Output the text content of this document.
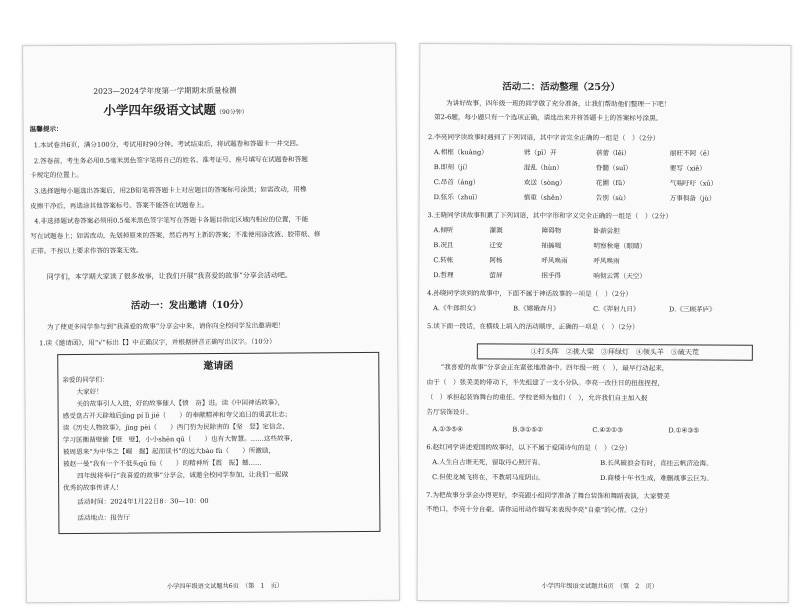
2023—2024学年度第一学期期末质量检测
小学四年级语文试题（90分钟）
温馨提示：
1.本试卷共6页，满分100分，考试用时90分钟。考试结束后，将试题卷和答题卡一并交回。
2.答卷前，考生务必用0.5毫米黑色签字笔将自己的姓名、准考证号、座号填写在试题卷和答题
卡规定的位置上。
3.选择题每小题选出答案后，用2B铅笔将答题卡上对应题目的答案标号涂黑；如需改动，用橡
皮擦干净后，再选涂其他答案标号。答案不能答在试题卷上。
4.非选择题试卷答案必须用0.5毫米黑色签字笔写在答题卡各题目指定区域内相应的位置，不能
写在试题卷上；如需改动，先划掉原来的答案，然后再写上新的答案；不准使用涂改液、胶带纸、修
正带。不按以上要求作答的答案无效。
同学们，本学期大家读了很多故事，让我们开展“我喜爱的故事”分享会活动吧。
活动一：发出邀请（10分）
为了使更多同学参与到“我喜爱的故事”分享会中来，请你向全校同学发出邀请吧！
1.读《邀请函》，用“√”标出【】中正确汉字，并根据拼音正确写出汉字。（10分）
邀请函
亲爱的同学们：
大家好！
关的故事引人入胜，好的故事催人【愤　奋】进。读《中国神话故事》，
感受盘古开天辟地后jīng pí lì jié（　　）的奉献精神和夸父追日的勇武壮志；
读《历史人物故事》，jìng pèi（　　）西门豹为民除害的【坚　竖】定信念，
学习匡衡凿壁偷【壁　壁】，小小shēn qū（　　）也有大智慧。……这些故事，
被周恩来“为中华之【崛　掘】起而读书”的远大bào fù（　　）所激励，
被赵一曼“我有一个不低头qū fú（　　）的精神所【震　振】撼……
四年级将举行“我喜爱的故事”分享会，诚邀全校同学参加，让我们一起做
优秀的故事传讲人！
活动时间：2024年1月22日8：30—10：00
活动地点：报告厅
小学四年级语文试题共6页　（第　1　页）
活动二：活动整理（25分）
为讲好故事，四年级一班的同学做了充分准备，让我们帮助他们整理一下吧！
第2-6题，每小题只有一个选项正确，请选出来并将答题卡上的答案标号涂黑。
2.李亮同学读故事时遇到了下列词语，其中字音完全正确的一组是（　）（2分）
A.相框（kuàng）	劈（pī）开	蓓蕾（lěi）	丽旺不阿（ē）
B.即刻（jí）	混乱（hùn）	脊髓（suǐ）	要写（xiě）
C.昂首（áng）	欢送（sòng）	花圃（fǔ）	气喘吁吁（xū）
D.弦乐（zhuī）	慎重（shěn）	告别（sù）	万事俱备（jù）
3.王晓同学读故事积累了下列词语，其中字形和字义完全正确的一组是（　）（2分）
A.倾听	灌溉	障碍物	卧薪尝胆
B.况且	迁安	抽搐啜	明察秋毫（眼睛）
C.转帐	阿杨	呼风唤雨	呼风唤雨
D.哲理	萤屏	抿手得	响彻云霄（天空）
4.孙晓同学读到的故事中，下面不属于神话故事的一项是（　）（2分）
A.《牛郎织女》	B.《嫦娥奔月》	C.《羿射九日》	D.《三顾茅庐》
5.读下面一段话，在横线上填入的活动顺序，正确的一项是（　）（2分）
①打头阵　②挑大梁　③拜绿灯　④领头羊　⑤破天荒
“我喜爱的故事”分享会正在紧张地准备中。四年级一班（　），最早行动起来，
由于（　）张美美的带动下，半先组建了一支小分队。李亮一改往日的扭扭捏捏，
（　）承担起装饰舞台的重任。学校老师为他们（　），允许我们自主加入报
告厅装饰设计。
A.①③⑤④	B.③①⑤②	C.④②①③	D.①④③⑤
6.赵红同学讲述爱国的故事时，以下不属于爱国诗句的是（　）（2分）
A.人生自古谁无死，留取丹心照汗青。	B.长风破浪会有时，直挂云帆济沧海。
C.但使龙城飞将在，不教胡马度阴山。	D.商楼十年书生成，难删战事云巨为。
7.为把故事分享会办得更好，李亮跟小组同学准备了舞台装饰和舞蹈表演，大家赞美
不绝口，李亮十分自豪。请你运用动作描写来表现李亮“自豪”的心情。（2分）
小学四年级语文试题共6页　（第　2　页）
